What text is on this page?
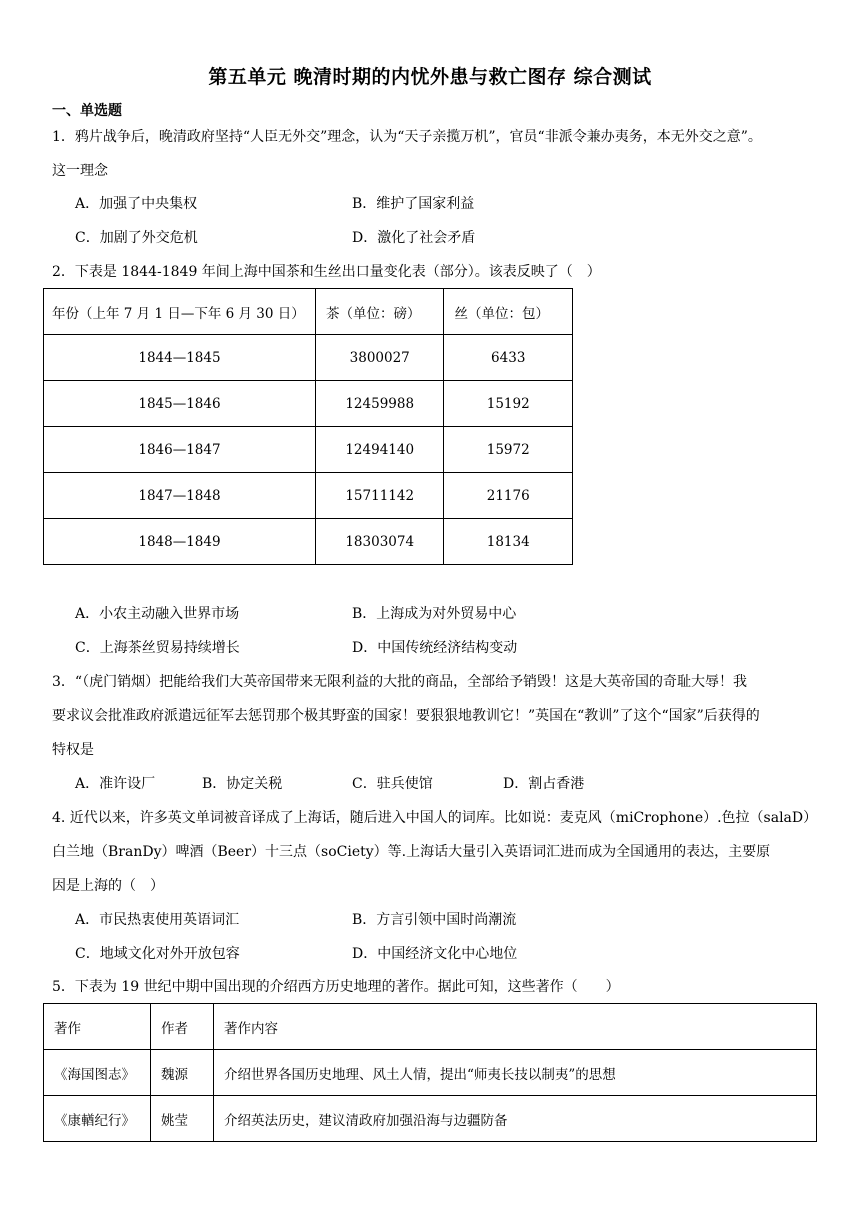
第五单元 晚清时期的内忧外患与救亡图存 综合测试
一、单选题
1．鸦片战争后，晚清政府坚持“人臣无外交”理念，认为“天子亲揽万机”，官员“非派令兼办夷务，本无外交之意”。
这一理念
A．加强了中央集权	B．维护了国家利益
C．加剧了外交危机	D．激化了社会矛盾
2．下表是 1844-1849 年间上海中国茶和生丝出口量变化表（部分）。该表反映了（　）
年份（上年 7 月 1 日—下年 6 月 30 日）	茶（单位：磅）	丝（单位：包）
1844—1845	3800027	6433
1845—1846	12459988	15192
1846—1847	12494140	15972
1847—1848	15711142	21176
1848—1849	18303074	18134
A．小农主动融入世界市场	B．上海成为对外贸易中心
C．上海茶丝贸易持续增长	D．中国传统经济结构变动
3．“（虎门销烟）把能给我们大英帝国带来无限利益的大批的商品，全部给予销毁！这是大英帝国的奇耻大辱！我
要求议会批准政府派遣远征军去惩罚那个极其野蛮的国家！要狠狠地教训它！”英国在“教训”了这个“国家”后获得的
特权是
A．准许设厂	B．协定关税	C．驻兵使馆	D．割占香港
4. 近代以来，许多英文单词被音译成了上海话，随后进入中国人的词库。比如说：麦克风（miCrophone）.色拉（salaD）
白兰地（BranDy）啤酒（Beer）十三点（soCiety）等.上海话大量引入英语词汇进而成为全国通用的表达，主要原
因是上海的（　）
A．市民热衷使用英语词汇	B．方言引领中国时尚潮流
C．地域文化对外开放包容	D．中国经济文化中心地位
5．下表为 19 世纪中期中国出现的介绍西方历史地理的著作。据此可知，这些著作（　　）
著作	作者	著作内容
《海国图志》	魏源	介绍世界各国历史地理、风土人情，提出“师夷长技以制夷”的思想
《康輶纪行》	姚莹	介绍英法历史，建议清政府加强沿海与边疆防备
